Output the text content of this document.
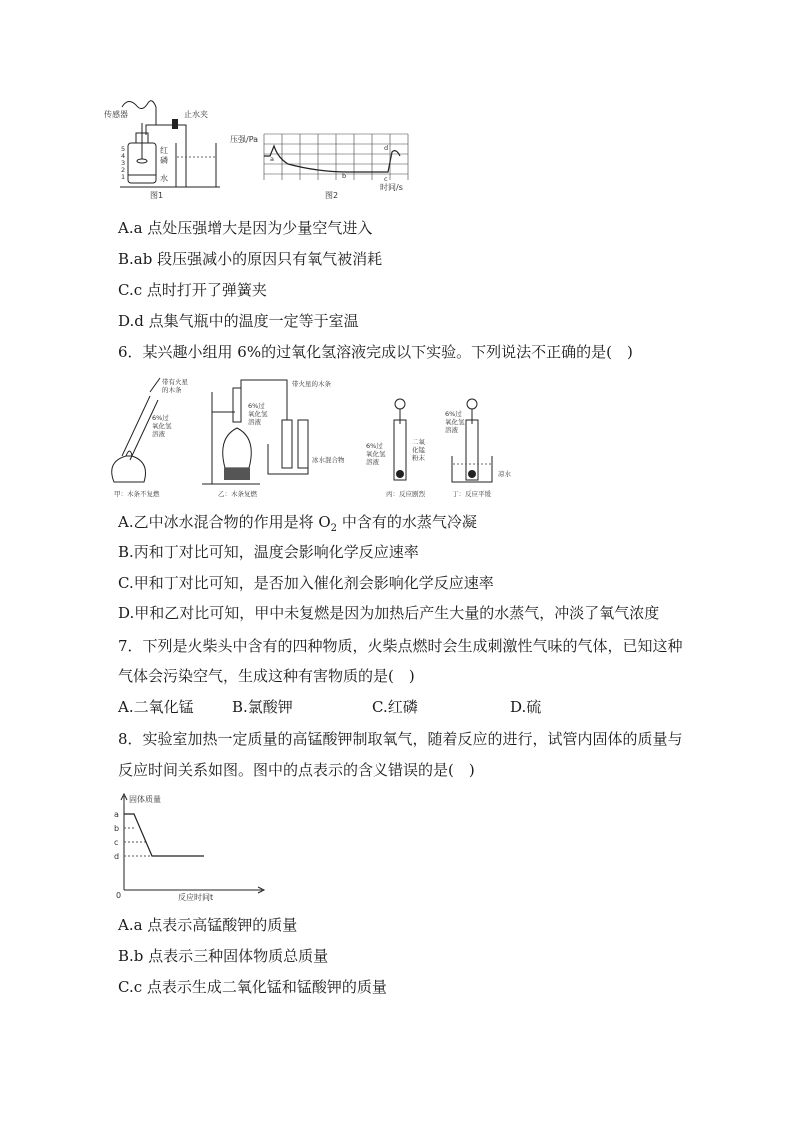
传感器
5
4
3
2
1
止水夹
红
磷
水
图1
压强/Pa
a
b	c
d
时间/s
图2
A.a 点处压强增大是因为少量空气进入
B.ab 段压强减小的原因只有氧气被消耗
C.c 点时打开了弹簧夹
D.d 点集气瓶中的温度一定等于室温
6．某兴趣小组用 6%的过氧化氢溶液完成以下实验。下列说法不正确的是(　)
带有火星
的木条
6%过
氧化氢
溶液
甲：木条不复燃
6%过
氧化氢
溶液
带火星的木条
冰水混合物
乙：木条复燃
6%过
氧化氢
溶液
二氧
化锰
粉末
丙：反应剧烈
6%过
氧化氢
溶液
凉水
丁：反应平缓
A.乙中冰水混合物的作用是将 $O_2$ 中含有的水蒸气冷凝
B.丙和丁对比可知，温度会影响化学反应速率
C.甲和丁对比可知，是否加入催化剂会影响化学反应速率
D.甲和乙对比可知，甲中未复燃是因为加热后产生大量的水蒸气，冲淡了氧气浓度
7．下列是火柴头中含有的四种物质，火柴点燃时会生成刺激性气味的气体，已知这种
气体会污染空气，生成这种有害物质的是(　)
A.二氧化锰	B.氯酸钾	C.红磷	D.硫
8．实验室加热一定质量的高锰酸钾制取氧气，随着反应的进行，试管内固体的质量与
反应时间关系如图。图中的点表示的含义错误的是(　)
固体质量
反应时间t
0
a
b
c
d
A.a 点表示高锰酸钾的质量
B.b 点表示三种固体物质总质量
C.c 点表示生成二氧化锰和锰酸钾的质量
